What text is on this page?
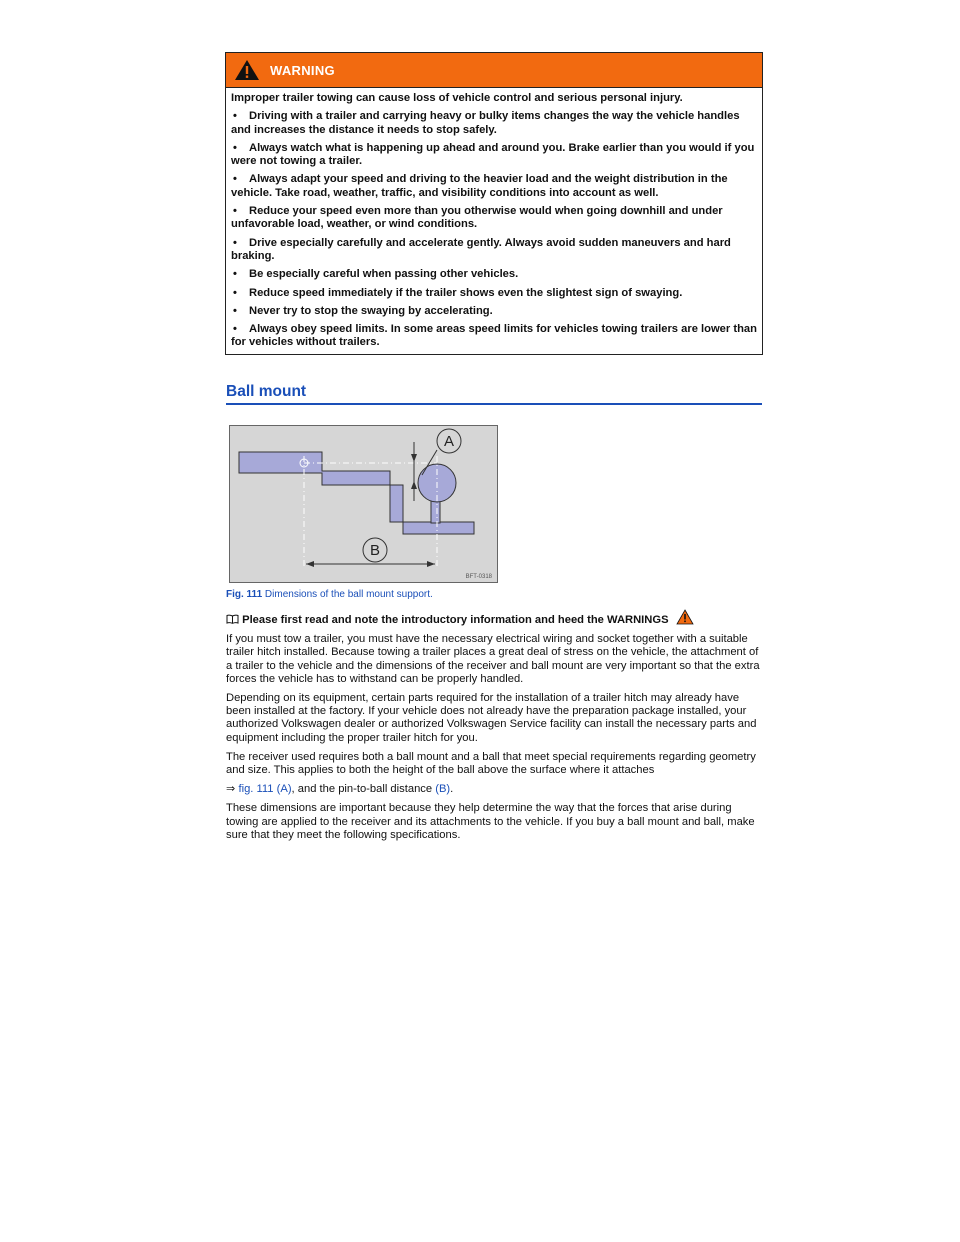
WARNING

Improper trailer towing can cause loss of vehicle control and serious personal injury.

• Driving with a trailer and carrying heavy or bulky items changes the way the vehicle handles and increases the distance it needs to stop safely.
• Always watch what is happening up ahead and around you. Brake earlier than you would if you were not towing a trailer.
• Always adapt your speed and driving to the heavier load and the weight distribution in the vehicle. Take road, weather, traffic, and visibility conditions into account as well.
• Reduce your speed even more than you otherwise would when going downhill and under unfavorable load, weather, or wind conditions.
• Drive especially carefully and accelerate gently. Always avoid sudden maneuvers and hard braking.
• Be especially careful when passing other vehicles.
• Reduce speed immediately if the trailer shows even the slightest sign of swaying.
• Never try to stop the swaying by accelerating.
• Always obey speed limits. In some areas speed limits for vehicles towing trailers are lower than for vehicles without trailers.
Ball mount
A
B
BFT-0318
Fig. 111 Dimensions of the ball mount support.

Please first read and note the introductory information and heed the WARNINGS

If you must tow a trailer, you must have the necessary electrical wiring and socket together with a suitable trailer hitch installed. Because towing a trailer places a great deal of stress on the vehicle, the attachment of a trailer to the vehicle and the dimensions of the receiver and ball mount are very important so that the extra forces the vehicle has to withstand can be properly handled.

Depending on its equipment, certain parts required for the installation of a trailer hitch may already have been installed at the factory. If your vehicle does not already have the preparation package installed, your authorized Volkswagen dealer or authorized Volkswagen Service facility can install the necessary parts and equipment including the proper trailer hitch for you.

The receiver used requires both a ball mount and a ball that meet special requirements regarding geometry and size. This applies to both the height of the ball above the surface where it attaches

⇒ fig. 111 (A), and the pin-to-ball distance (B).

These dimensions are important because they help determine the way that the forces that arise during towing are applied to the receiver and its attachments to the vehicle. If you buy a ball mount and ball, make sure that they meet the following specifications.
